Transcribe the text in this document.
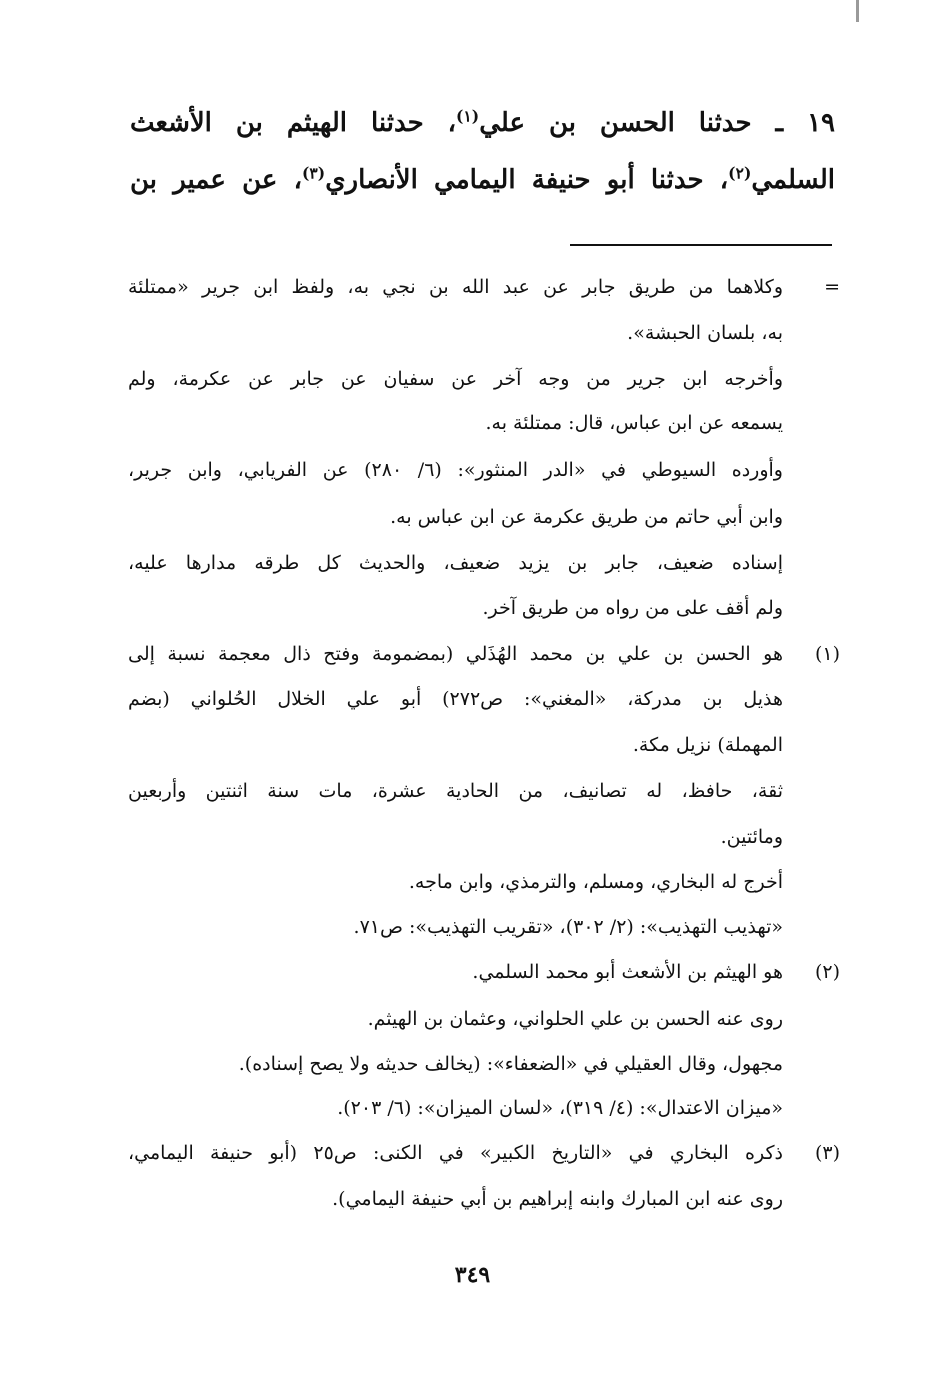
١٩ ـ حدثنا الحسن بن علي$^{(١)}$، حدثنا الهيثم بن الأشعث
السلمي$^{(٢)}$، حدثنا أبو حنيفة اليمامي الأنصاري$^{(٣)}$، عن عمير بن
=
وكلاهما من طريق جابر عن عبد الله بن نجي به، ولفظ ابن جرير «ممتلئة
به، بلسان الحبشة».
وأخرجه ابن جرير من وجه آخر عن سفيان عن جابر عن عكرمة، ولم
يسمعه عن ابن عباس، قال: ممتلئة به.
وأورده السيوطي في «الدر المنثور»: (٦/ ٢٨٠) عن الفريابي، وابن جرير،
وابن أبي حاتم من طريق عكرمة عن ابن عباس به.
إسناده ضعيف، جابر بن يزيد ضعيف، والحديث كل طرقه مدارها عليه،
ولم أقف على من رواه من طريق آخر.
(١)
هو الحسن بن علي بن محمد الهُذَلي (بمضمومة وفتح ذال معجمة نسبة إلى
هذيل بن مدركة، «المغني»: ص٢٧٢) أبو علي الخلال الحُلواني (بضم
المهملة) نزيل مكة.
ثقة، حافظ، له تصانيف، من الحادية عشرة، مات سنة اثنتين وأربعين
ومائتين.
أخرج له البخاري، ومسلم، والترمذي، وابن ماجه.
«تهذيب التهذيب»: (٢/ ٣٠٢)، «تقريب التهذيب»: ص٧١.
(٢)
هو الهيثم بن الأشعث أبو محمد السلمي.
روى عنه الحسن بن علي الحلواني، وعثمان بن الهيثم.
مجهول، وقال العقيلي في «الضعفاء»: (يخالف حديثه ولا يصح إسناده).
«ميزان الاعتدال»: (٤/ ٣١٩)، «لسان الميزان»: (٦/ ٢٠٣).
(٣)
ذكره البخاري في «التاريخ الكبير» في الكنى: ص٢٥ (أبو حنيفة اليمامي،
روى عنه ابن المبارك وابنه إبراهيم بن أبي حنيفة اليمامي).
٣٤٩
